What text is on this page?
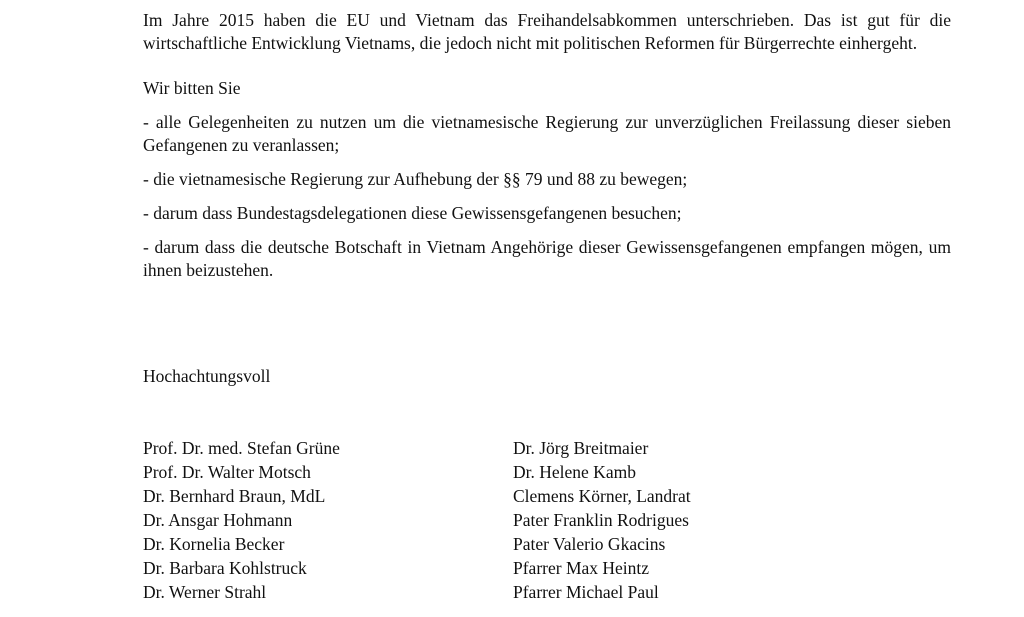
Im Jahre 2015 haben die EU und Vietnam das Freihandelsabkommen unterschrieben. Das ist gut für die wirtschaftliche Entwicklung Vietnams, die jedoch nicht mit politischen Reformen für Bürgerrechte einhergeht.

Wir bitten Sie

- alle Gelegenheiten zu nutzen um die vietnamesische Regierung zur unverzüglichen Freilassung dieser sieben Gefangenen zu veranlassen;

- die vietnamesische Regierung zur Aufhebung der §§ 79 und 88 zu bewegen;

- darum dass Bundestagsdelegationen diese Gewissensgefangenen besuchen;

- darum dass die deutsche Botschaft in Vietnam Angehörige dieser Gewissensgefangenen empfangen mögen, um ihnen beizustehen.

Hochachtungsvoll

Prof. Dr. med. Stefan Grüne
Prof. Dr. Walter Motsch
Dr. Bernhard Braun, MdL
Dr. Ansgar Hohmann
Dr. Kornelia Becker
Dr. Barbara Kohlstruck
Dr. Werner Strahl
Dr. Jörg Breitmaier
Dr. Helene Kamb
Clemens Körner, Landrat
Pater Franklin Rodrigues
Pater Valerio Gkacins
Pfarrer Max Heintz
Pfarrer Michael Paul
